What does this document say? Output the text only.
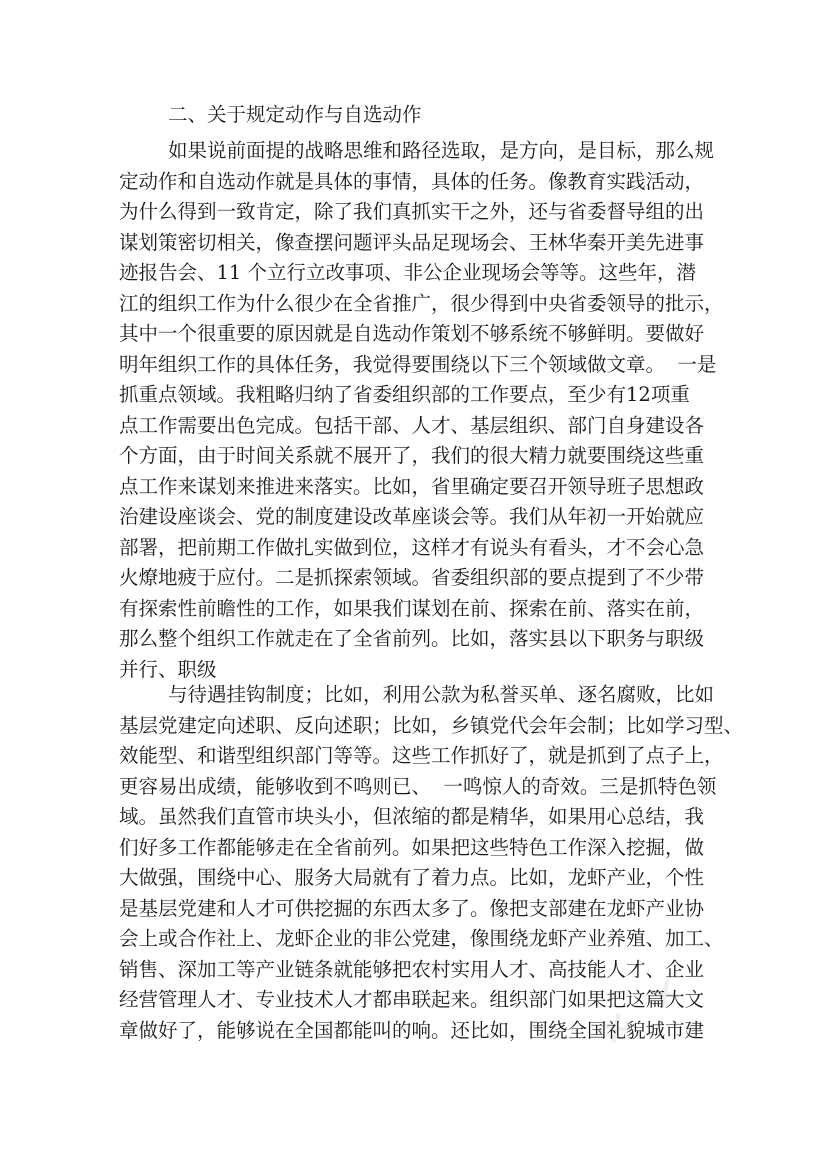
✕ ✕

二、关于规定动作与自选动作

如果说前面提的战略思维和路径选取，是方向，是目标，那么规

定动作和自选动作就是具体的事情，具体的任务。像教育实践活动，

为什么得到一致肯定，除了我们真抓实干之外，还与省委督导组的出

谋划策密切相关，像查摆问题评头品足现场会、王林华秦开美先进事

迹报告会、11 个立行立改事项、非公企业现场会等等。这些年，潜

江的组织工作为什么很少在全省推广，很少得到中央省委领导的批示，

其中一个很重要的原因就是自选动作策划不够系统不够鲜明。要做好

明年组织工作的具体任务，我觉得要围绕以下三个领域做文章。  一是

抓重点领域。我粗略归纳了省委组织部的工作要点，至少有12项重

点工作需要出色完成。包括干部、人才、基层组织、部门自身建设各

个方面，由于时间关系就不展开了，我们的很大精力就要围绕这些重

点工作来谋划来推进来落实。比如，省里确定要召开领导班子思想政

治建设座谈会、党的制度建设改革座谈会等。我们从年初一开始就应

部署，把前期工作做扎实做到位，这样才有说头有看头，才不会心急

火燎地疲于应付。二是抓探索领域。省委组织部的要点提到了不少带

有探索性前瞻性的工作，如果我们谋划在前、探索在前、落实在前，

那么整个组织工作就走在了全省前列。比如，落实县以下职务与职级

并行、职级

与待遇挂钩制度；比如，利用公款为私誉买单、逐名腐败，比如

基层党建定向述职、反向述职；比如，乡镇党代会年会制；比如学习型、

效能型、和谐型组织部门等等。这些工作抓好了，就是抓到了点子上，

更容易出成绩，能够收到不鸣则已、  一鸣惊人的奇效。三是抓特色领

域。虽然我们直管市块头小，但浓缩的都是精华，如果用心总结，我

们好多工作都能够走在全省前列。如果把这些特色工作深入挖掘，做

大做强，围绕中心、服务大局就有了着力点。比如，龙虾产业，个性

是基层党建和人才可供挖掘的东西太多了。像把支部建在龙虾产业协

会上或合作社上、龙虾企业的非公党建，像围绕龙虾产业养殖、加工、

销售、深加工等产业链条就能够把农村实用人才、高技能人才、企业

经营管理人才、专业技术人才都串联起来。组织部门如果把这篇大文

章做好了，能够说在全国都能叫的响。还比如，围绕全国礼貌城市建
